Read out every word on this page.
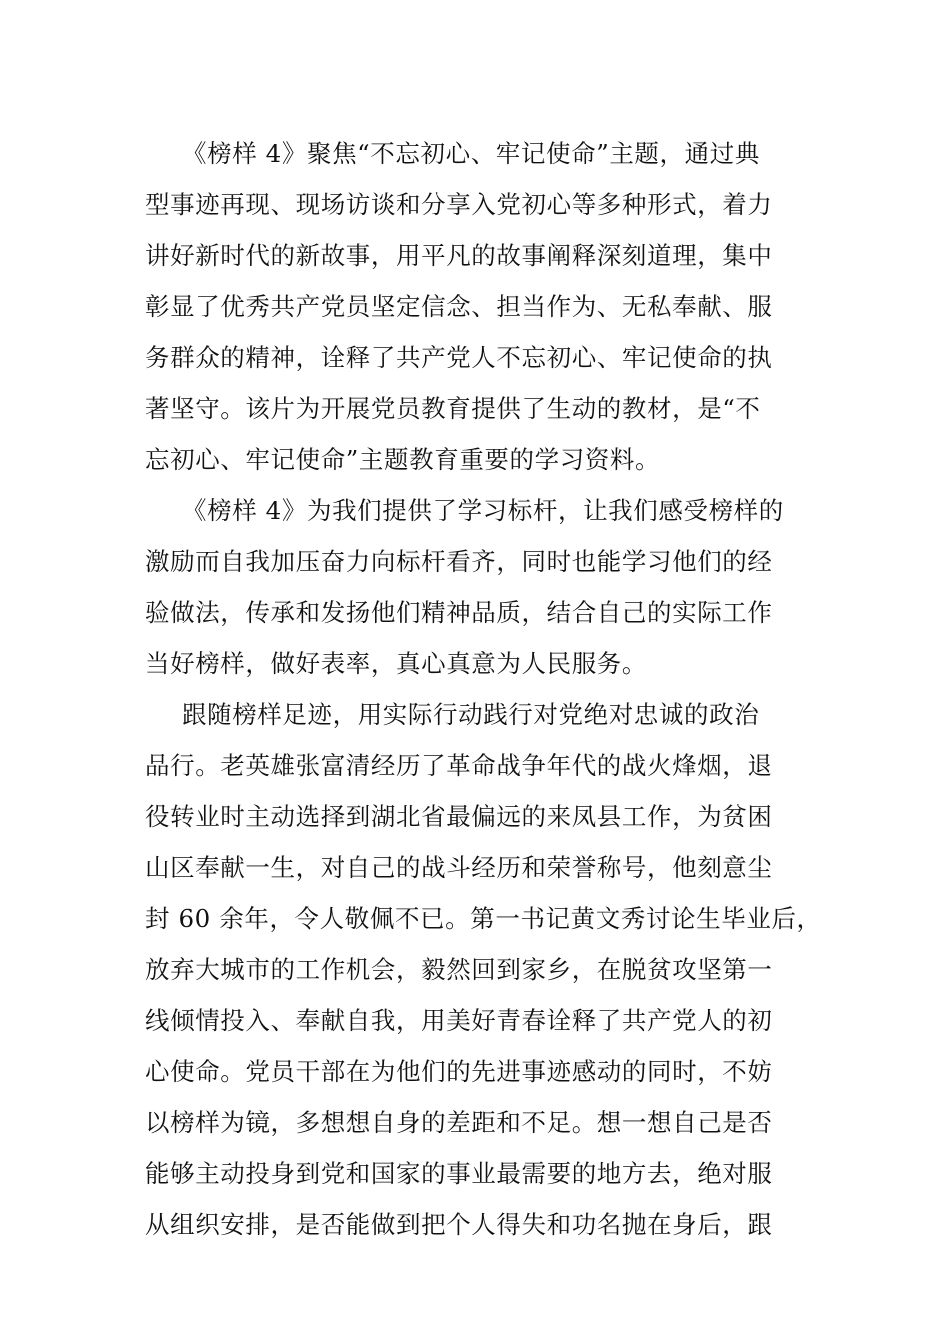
《榜样 4》聚焦“不忘初心、牢记使命”主题，通过典
型事迹再现、现场访谈和分享入党初心等多种形式，着力
讲好新时代的新故事，用平凡的故事阐释深刻道理，集中
彰显了优秀共产党员坚定信念、担当作为、无私奉献、服
务群众的精神，诠释了共产党人不忘初心、牢记使命的执
著坚守。该片为开展党员教育提供了生动的教材，是“不
忘初心、牢记使命”主题教育重要的学习资料。
《榜样 4》为我们提供了学习标杆，让我们感受榜样的
激励而自我加压奋力向标杆看齐，同时也能学习他们的经
验做法，传承和发扬他们精神品质，结合自己的实际工作
当好榜样，做好表率，真心真意为人民服务。
跟随榜样足迹，用实际行动践行对党绝对忠诚的政治
品行。老英雄张富清经历了革命战争年代的战火烽烟，退
役转业时主动选择到湖北省最偏远的来凤县工作，为贫困
山区奉献一生，对自己的战斗经历和荣誉称号，他刻意尘
封 60 余年，令人敬佩不已。第一书记黄文秀讨论生毕业后，
放弃大城市的工作机会，毅然回到家乡，在脱贫攻坚第一
线倾情投入、奉献自我，用美好青春诠释了共产党人的初
心使命。党员干部在为他们的先进事迹感动的同时，不妨
以榜样为镜，多想想自身的差距和不足。想一想自己是否
能够主动投身到党和国家的事业最需要的地方去，绝对服
从组织安排，是否能做到把个人得失和功名抛在身后，跟
